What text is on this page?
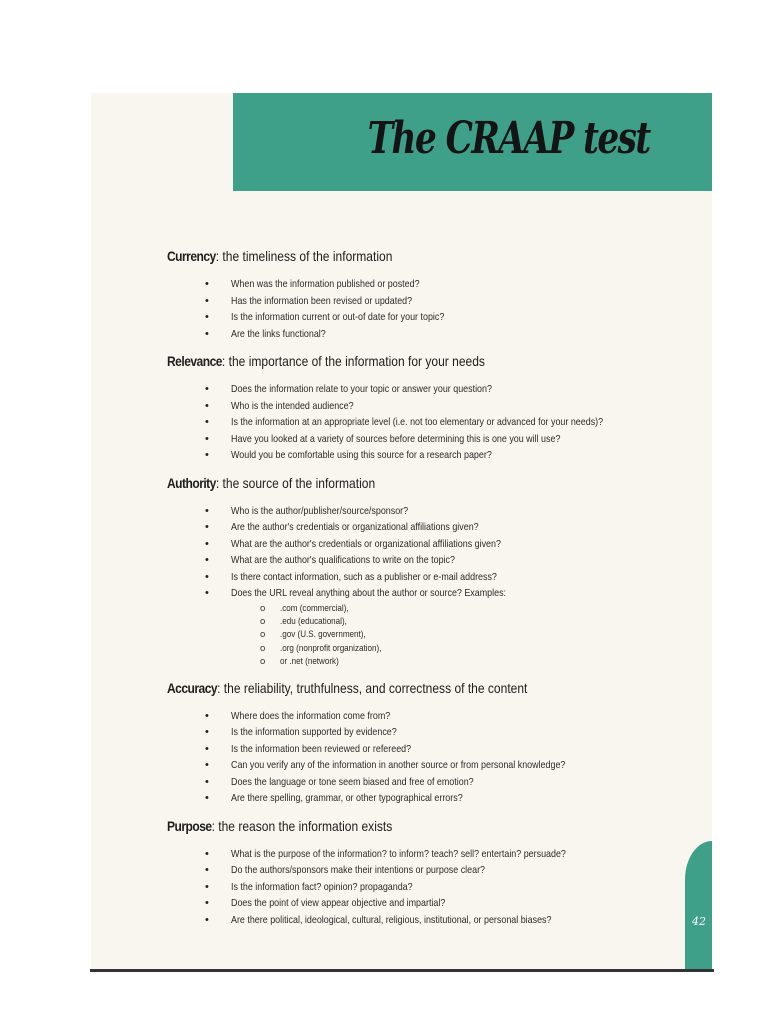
The CRAAP test
Currency: the timeliness of the information
• When was the information published or posted?
• Has the information been revised or updated?
• Is the information current or out-of date for your topic?
• Are the links functional?
Relevance: the importance of the information for your needs
• Does the information relate to your topic or answer your question?
• Who is the intended audience?
• Is the information at an appropriate level (i.e. not too elementary or advanced for your needs)?
• Have you looked at a variety of sources before determining this is one you will use?
• Would you be comfortable using this source for a research paper?
Authority: the source of the information
• Who is the author/publisher/source/sponsor?
• Are the author's credentials or organizational affiliations given?
• What are the author's credentials or organizational affiliations given?
• What are the author's qualifications to write on the topic?
• Is there contact information, such as a publisher or e-mail address?
• Does the URL reveal anything about the author or source? Examples:
o .com (commercial),
o .edu (educational),
o .gov (U.S. government),
o .org (nonprofit organization),
o or .net (network)
Accuracy: the reliability, truthfulness, and correctness of the content
• Where does the information come from?
• Is the information supported by evidence?
• Is the information been reviewed or refereed?
• Can you verify any of the information in another source or from personal knowledge?
• Does the language or tone seem biased and free of emotion?
• Are there spelling, grammar, or other typographical errors?
Purpose: the reason the information exists
• What is the purpose of the information? to inform? teach? sell? entertain? persuade?
• Do the authors/sponsors make their intentions or purpose clear?
• Is the information fact? opinion? propaganda?
• Does the point of view appear objective and impartial?
• Are there political, ideological, cultural, religious, institutional, or personal biases?	42
